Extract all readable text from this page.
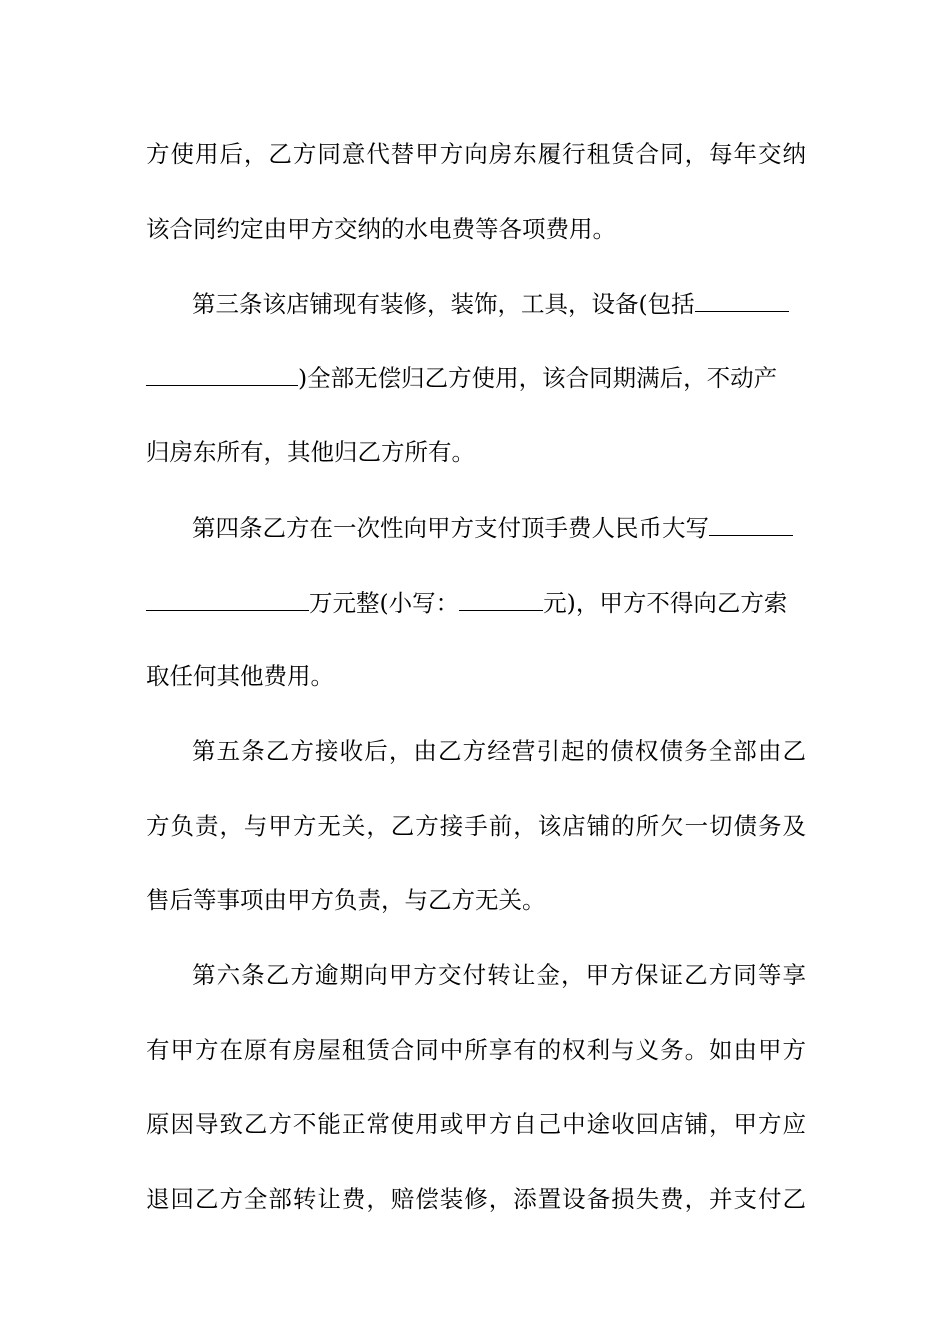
方使用后，乙方同意代替甲方向房东履行租赁合同，每年交纳
该合同约定由甲方交纳的水电费等各项费用。
第三条该店铺现有装修，装饰，工具，设备(包括
)全部无偿归乙方使用，该合同期满后，不动产
归房东所有，其他归乙方所有。
第四条乙方在一次性向甲方支付顶手费人民币大写
万元整(小写：	元)，甲方不得向乙方索
取任何其他费用。
第五条乙方接收后，由乙方经营引起的债权债务全部由乙
方负责，与甲方无关，乙方接手前，该店铺的所欠一切债务及
售后等事项由甲方负责，与乙方无关。
第六条乙方逾期向甲方交付转让金，甲方保证乙方同等享
有甲方在原有房屋租赁合同中所享有的权利与义务。如由甲方
原因导致乙方不能正常使用或甲方自己中途收回店铺，甲方应
退回乙方全部转让费，赔偿装修，添置设备损失费，并支付乙
